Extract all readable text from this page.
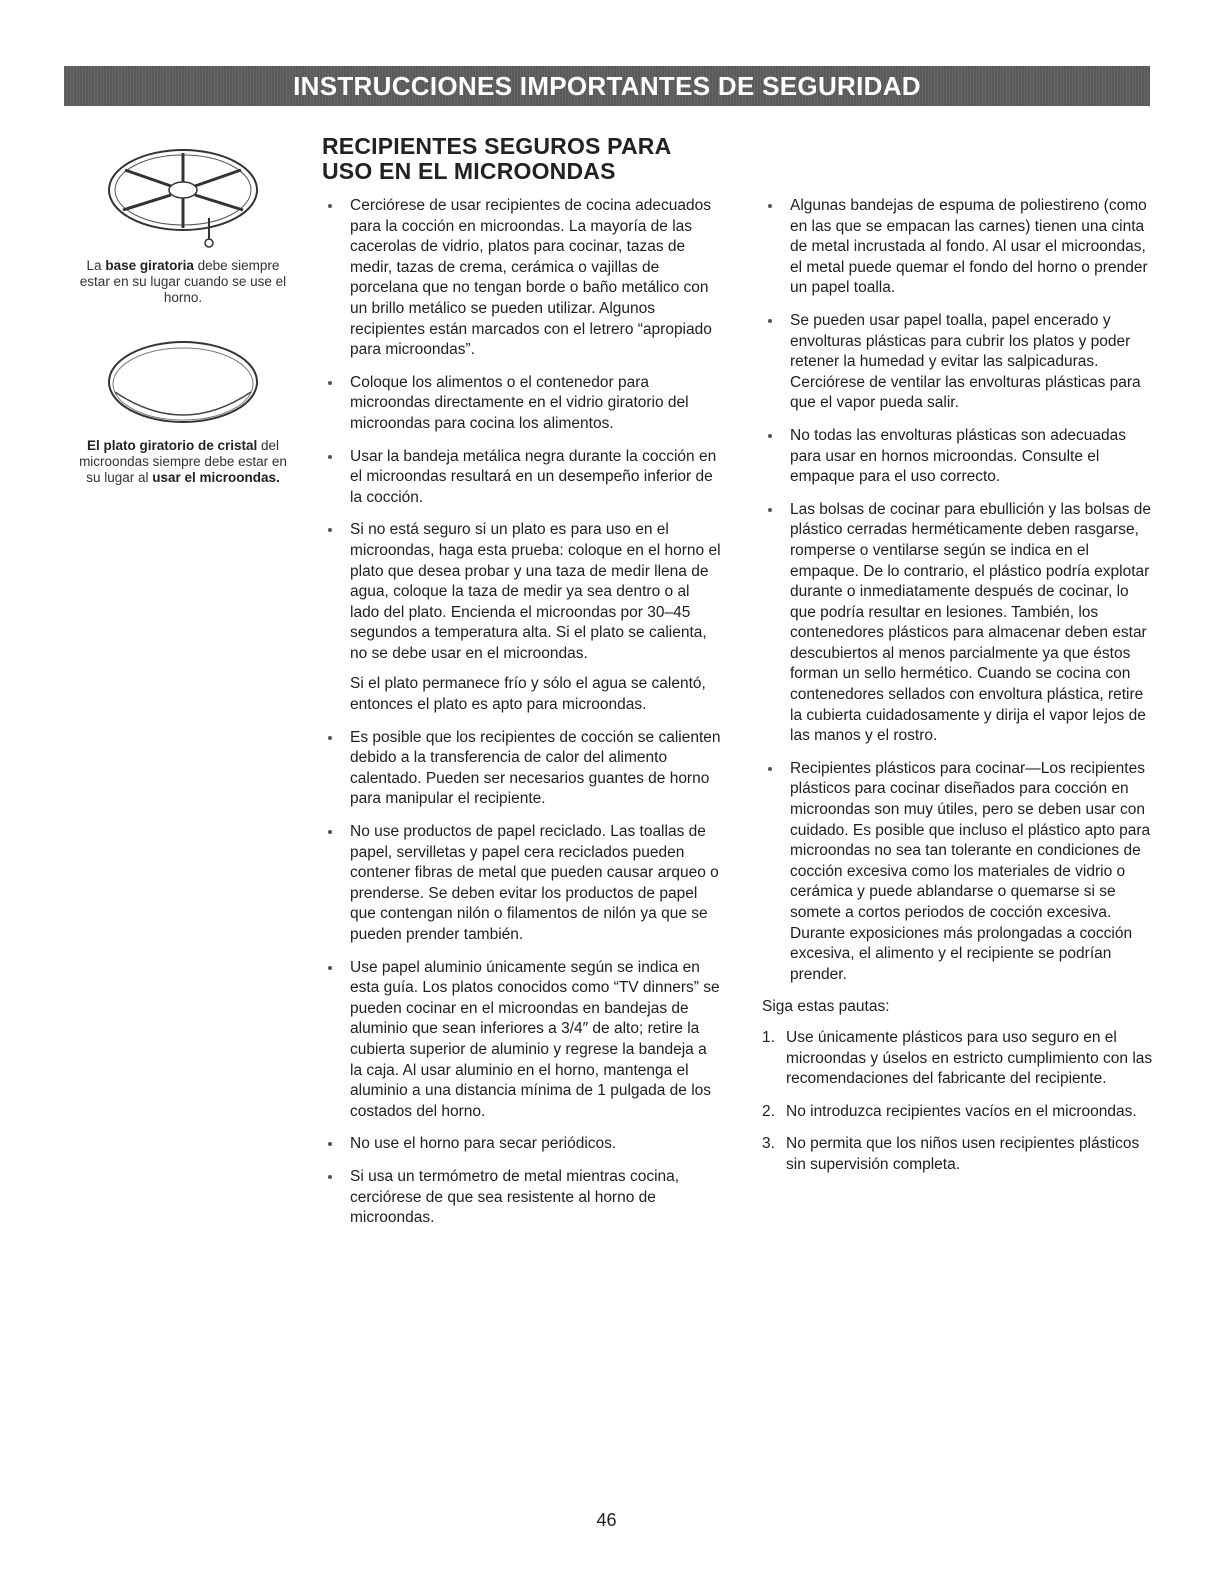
INSTRUCCIONES IMPORTANTES DE SEGURIDAD
La base giratoria debe siempre estar en su lugar cuando se use el horno.
El plato giratorio de cristal del microondas siempre debe estar en su lugar al usar el microondas.
RECIPIENTES SEGUROS PARA USO EN EL MICROONDAS
Cerciórese de usar recipientes de cocina adecuados para la cocción en microondas. La mayoría de las cacerolas de vidrio, platos para cocinar, tazas de medir, tazas de crema, cerámica o vajillas de porcelana que no tengan borde o baño metálico con un brillo metálico se pueden utilizar. Algunos recipientes están marcados con el letrero “apropiado para microondas”.
Coloque los alimentos o el contenedor para microondas directamente en el vidrio giratorio del microondas para cocina los alimentos.
Usar la bandeja metálica negra durante la cocción en el microondas resultará en un desempeño inferior de la cocción.
Si no está seguro si un plato es para uso en el microondas, haga esta prueba: coloque en el horno el plato que desea probar y una taza de medir llena de agua, coloque la taza de medir ya sea dentro o al lado del plato. Encienda el microondas por 30–45 segundos a temperatura alta. Si el plato se calienta, no se debe usar en el microondas.
Si el plato permanece frío y sólo el agua se calentó, entonces el plato es apto para microondas.
Es posible que los recipientes de cocción se calienten debido a la transferencia de calor del alimento calentado. Pueden ser necesarios guantes de horno para manipular el recipiente.
No use productos de papel reciclado. Las toallas de papel, servilletas y papel cera reciclados pueden contener fibras de metal que pueden causar arqueo o prenderse. Se deben evitar los productos de papel que contengan nilón o filamentos de nilón ya que se pueden prender también.
Use papel aluminio únicamente según se indica en esta guía. Los platos conocidos como “TV dinners” se pueden cocinar en el microondas en bandejas de aluminio que sean inferiores a 3/4″ de alto; retire la cubierta superior de aluminio y regrese la bandeja a la caja. Al usar aluminio en el horno, mantenga el aluminio a una distancia mínima de 1 pulgada de los costados del horno.
No use el horno para secar periódicos.
Si usa un termómetro de metal mientras cocina, cerciórese de que sea resistente al horno de microondas.
Algunas bandejas de espuma de poliestireno (como en las que se empacan las carnes) tienen una cinta de metal incrustada al fondo. Al usar el microondas, el metal puede quemar el fondo del horno o prender un papel toalla.
Se pueden usar papel toalla, papel encerado y envolturas plásticas para cubrir los platos y poder retener la humedad y evitar las salpicaduras. Cerciórese de ventilar las envolturas plásticas para que el vapor pueda salir.
No todas las envolturas plásticas son adecuadas para usar en hornos microondas. Consulte el empaque para el uso correcto.
Las bolsas de cocinar para ebullición y las bolsas de plástico cerradas herméticamente deben rasgarse, romperse o ventilarse según se indica en el empaque. De lo contrario, el plástico podría explotar durante o inmediatamente después de cocinar, lo que podría resultar en lesiones. También, los contenedores plásticos para almacenar deben estar descubiertos al menos parcialmente ya que éstos forman un sello hermético. Cuando se cocina con contenedores sellados con envoltura plástica, retire la cubierta cuidadosamente y dirija el vapor lejos de las manos y el rostro.
Recipientes plásticos para cocinar—Los recipientes plásticos para cocinar diseñados para cocción en microondas son muy útiles, pero se deben usar con cuidado. Es posible que incluso el plástico apto para microondas no sea tan tolerante en condiciones de cocción excesiva como los materiales de vidrio o cerámica y puede ablandarse o quemarse si se somete a cortos periodos de cocción excesiva. Durante exposiciones más prolongadas a cocción excesiva, el alimento y el recipiente se podrían prender.
Siga estas pautas:
1. Use únicamente plásticos para uso seguro en el microondas y úselos en estricto cumplimiento con las recomendaciones del fabricante del recipiente.
2. No introduzca recipientes vacíos en el microondas.
3. No permita que los niños usen recipientes plásticos sin supervisión completa.
46
